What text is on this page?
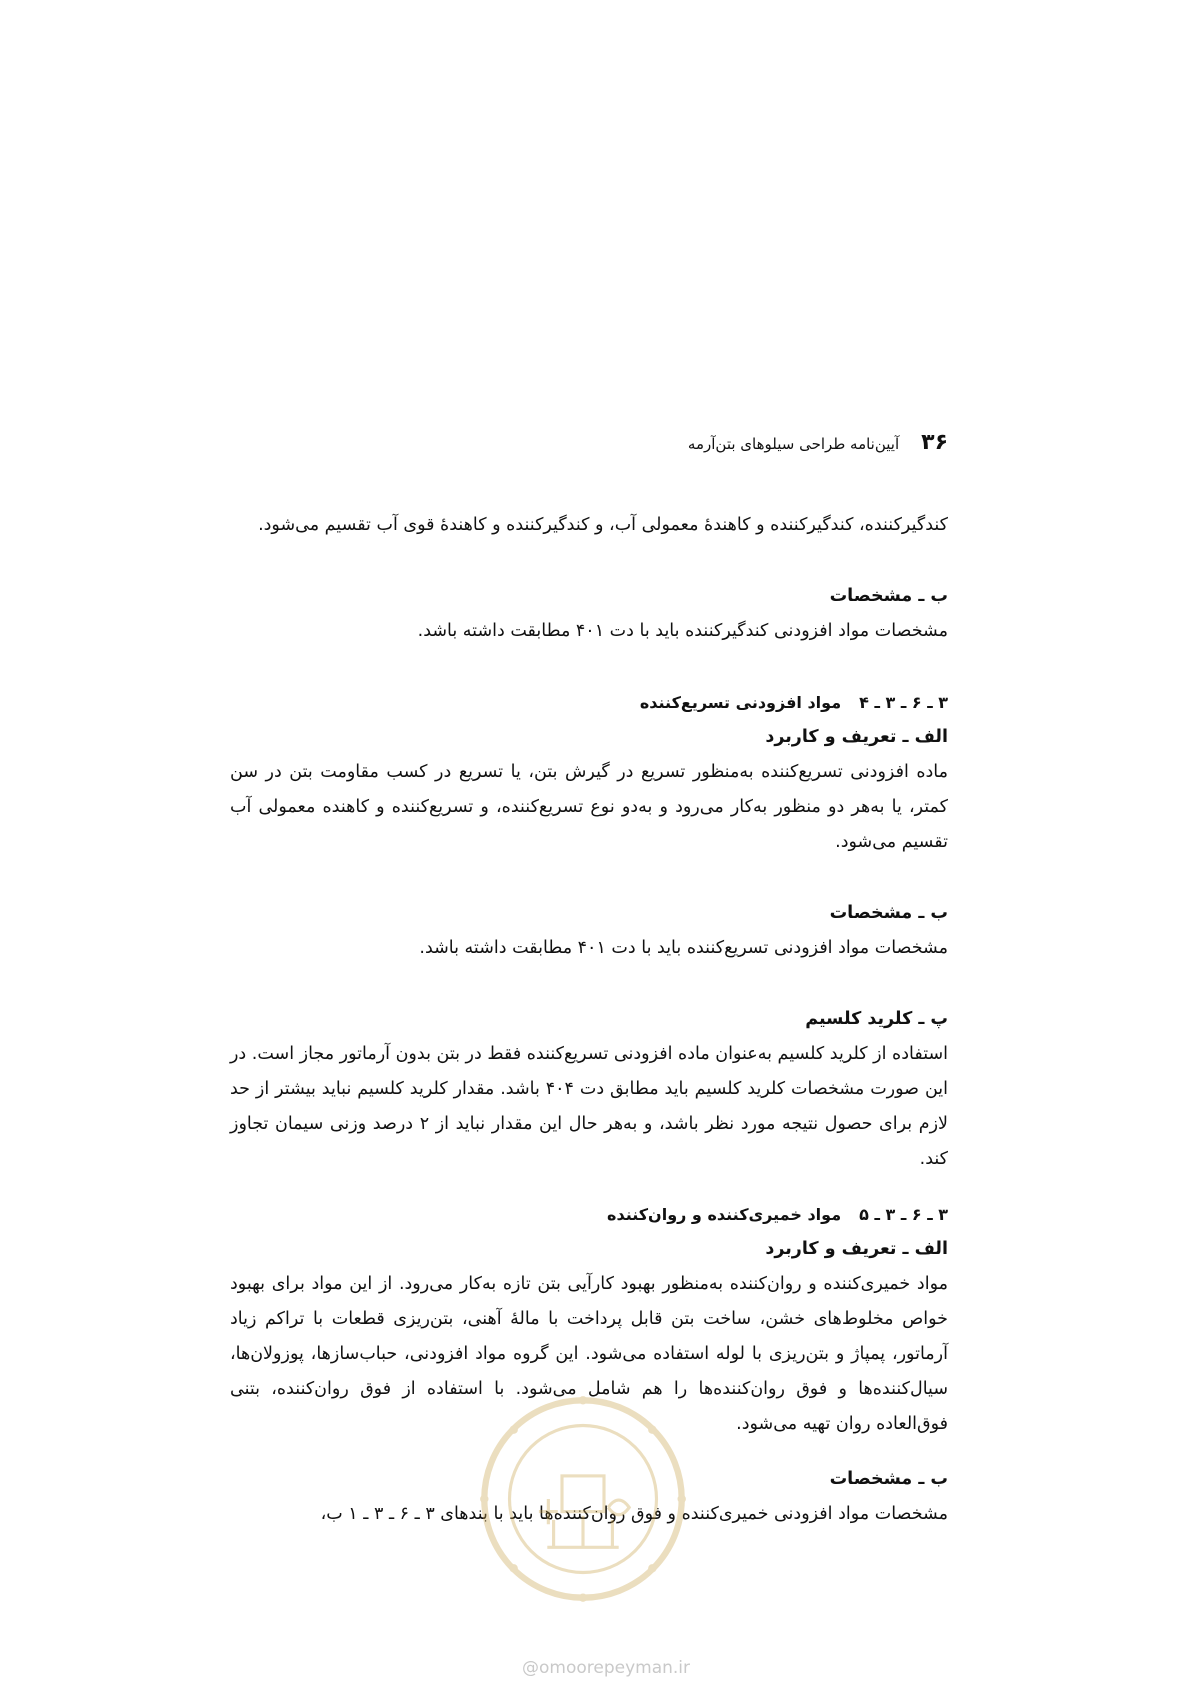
۳۶
آیین‌نامه طراحی سیلوهای بتن‌آرمه

کندگیرکننده، کندگیرکننده و کاهندهٔ معمولی آب، و کندگیرکننده و کاهندهٔ قوی آب تقسیم می‌شود.

ب ـ مشخصات

مشخصات مواد افزودنی کندگیرکننده باید با دت ۴۰۱ مطابقت داشته باشد.

۳ ـ ۶ ـ ۳ ـ ۴
مواد افزودنی تسریع‌کننده

الف ـ تعریف و کاربرد

ماده افزودنی تسریع‌کننده به‌منظور تسریع در گیرش بتن، یا تسریع در کسب مقاومت بتن در سن کمتر، یا به‌هر دو منظور به‌کار می‌رود و به‌دو نوع تسریع‌کننده، و تسریع‌کننده و کاهنده معمولی آب تقسیم می‌شود.

ب ـ مشخصات

مشخصات مواد افزودنی تسریع‌کننده باید با دت ۴۰۱ مطابقت داشته باشد.

پ ـ کلرید کلسیم

استفاده از کلرید کلسیم به‌عنوان ماده افزودنی تسریع‌کننده فقط در بتن بدون آرماتور مجاز است. در این صورت مشخصات کلرید کلسیم باید مطابق دت ۴۰۴ باشد. مقدار کلرید کلسیم نباید بیشتر از حد لازم برای حصول نتیجه مورد نظر باشد، و به‌هر حال این مقدار نباید از ۲ درصد وزنی سیمان تجاوز کند.

۳ ـ ۶ ـ ۳ ـ ۵
مواد خمیری‌کننده و روان‌کننده

الف ـ تعریف و کاربرد

مواد خمیری‌کننده و روان‌کننده به‌منظور بهبود کارآیی بتن تازه به‌کار می‌رود. از این مواد برای بهبود خواص مخلوط‌های خشن، ساخت بتن قابل پرداخت با مالهٔ آهنی، بتن‌ریزی قطعات با تراکم زیاد آرماتور، پمپاژ و بتن‌ریزی با لوله استفاده می‌شود. این گروه مواد افزودنی، حباب‌سازها، پوزولان‌ها، سیال‌کننده‌ها و فوق روان‌کننده‌ها را هم شامل می‌شود. با استفاده از فوق روان‌کننده، بتنی فوق‌العاده روان تهیه می‌شود.

ب ـ مشخصات

مشخصات مواد افزودنی خمیری‌کننده و فوق روان‌کننده‌ها باید با بندهای ۳ ـ ۶ ـ ۳ ـ ۱ ب،

@omoorepeyman.ir
